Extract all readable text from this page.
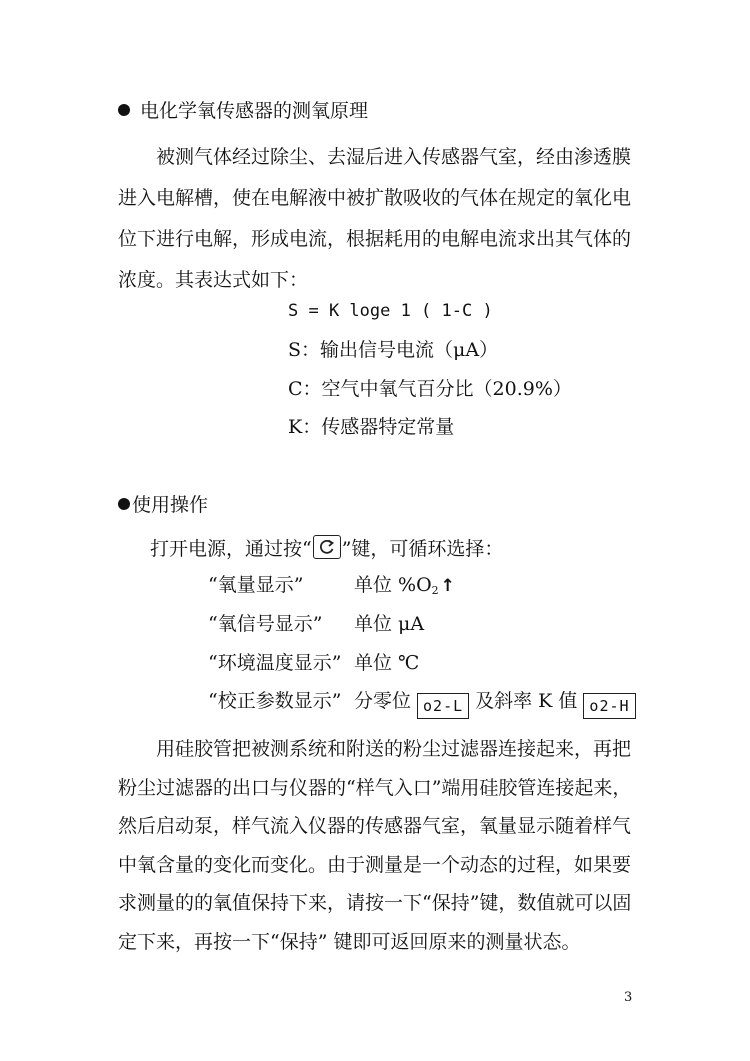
电化学氧传感器的测氧原理
被测气体经过除尘、去湿后进入传感器气室，经由渗透膜进入电解槽，使在电解液中被扩散吸收的气体在规定的氧化电位下进行电解，形成电流，根据耗用的电解电流求出其气体的浓度。其表达式如下：
S = K loge 1 ( 1-C )
S：输出信号电流（μA）
C：空气中氧气百分比（20.9%）
K：传感器特定常量
使用操作
打开电源，通过按“ ”键，可循环选择：
“氧量显示”	单位 $\%O_2$ ↑
“氧信号显示” 单位 μA
“环境温度显示” 单位 ℃
“校正参数显示” 分零位 o2-L 及斜率 K 值 o2-H
用硅胶管把被测系统和附送的粉尘过滤器连接起来，再把粉尘过滤器的出口与仪器的“样气入口”端用硅胶管连接起来，然后启动泵，样气流入仪器的传感器气室，氧量显示随着样气中氧含量的变化而变化。由于测量是一个动态的过程，如果要求测量的的氧值保持下来，请按一下“保持”键，数值就可以固定下来，再按一下“保持” 键即可返回原来的测量状态。
3
